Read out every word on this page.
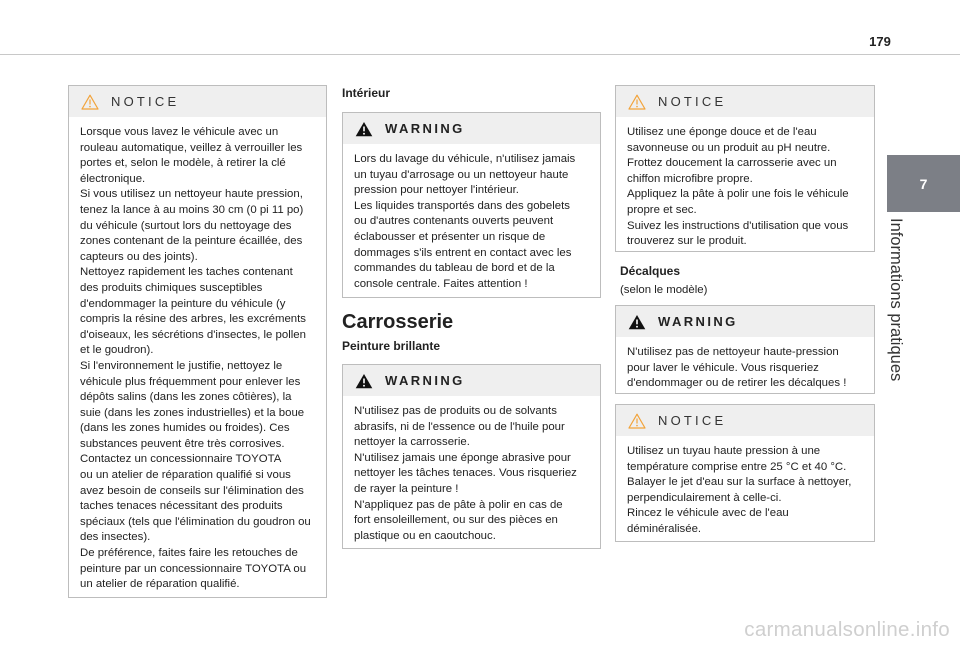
179
7
Informations pratiques
NOTICE
Lorsque vous lavez le véhicule avec un
rouleau automatique, veillez à verrouiller les
portes et, selon le modèle, à retirer la clé
électronique.
Si vous utilisez un nettoyeur haute pression,
tenez la lance à au moins 30 cm (0 pi 11 po)
du véhicule (surtout lors du nettoyage des
zones contenant de la peinture écaillée, des
capteurs ou des joints).
Nettoyez rapidement les taches contenant
des produits chimiques susceptibles
d'endommager la peinture du véhicule (y
compris la résine des arbres, les excréments
d'oiseaux, les sécrétions d'insectes, le pollen
et le goudron).
Si l'environnement le justifie, nettoyez le
véhicule plus fréquemment pour enlever les
dépôts salins (dans les zones côtières), la
suie (dans les zones industrielles) et la boue
(dans les zones humides ou froides). Ces
substances peuvent être très corrosives.
Contactez un concessionnaire TOYOTA
ou un atelier de réparation qualifié si vous
avez besoin de conseils sur l'élimination des
taches tenaces nécessitant des produits
spéciaux (tels que l'élimination du goudron ou
des insectes).
De préférence, faites faire les retouches de
peinture par un concessionnaire TOYOTA ou
un atelier de réparation qualifié.
Intérieur
WARNING
Lors du lavage du véhicule, n'utilisez jamais
un tuyau d'arrosage ou un nettoyeur haute
pression pour nettoyer l'intérieur.
Les liquides transportés dans des gobelets
ou d'autres contenants ouverts peuvent
éclabousser et présenter un risque de
dommages s'ils entrent en contact avec les
commandes du tableau de bord et de la
console centrale. Faites attention !
Carrosserie
Peinture brillante
WARNING
N'utilisez pas de produits ou de solvants
abrasifs, ni de l'essence ou de l'huile pour
nettoyer la carrosserie.
N'utilisez jamais une éponge abrasive pour
nettoyer les tâches tenaces. Vous risqueriez
de rayer la peinture !
N'appliquez pas de pâte à polir en cas de
fort ensoleillement, ou sur des pièces en
plastique ou en caoutchouc.
NOTICE
Utilisez une éponge douce et de l'eau
savonneuse ou un produit au pH neutre.
Frottez doucement la carrosserie avec un
chiffon microfibre propre.
Appliquez la pâte à polir une fois le véhicule
propre et sec.
Suivez les instructions d'utilisation que vous
trouverez sur le produit.
Décalques
(selon le modèle)
WARNING
N'utilisez pas de nettoyeur haute-pression
pour laver le véhicule. Vous risqueriez
d'endommager ou de retirer les décalques !
NOTICE
Utilisez un tuyau haute pression à une
température comprise entre 25 °C et 40 °C.
Balayer le jet d'eau sur la surface à nettoyer,
perpendiculairement à celle-ci.
Rincez le véhicule avec de l'eau
déminéralisée.
carmanualsonline.info
